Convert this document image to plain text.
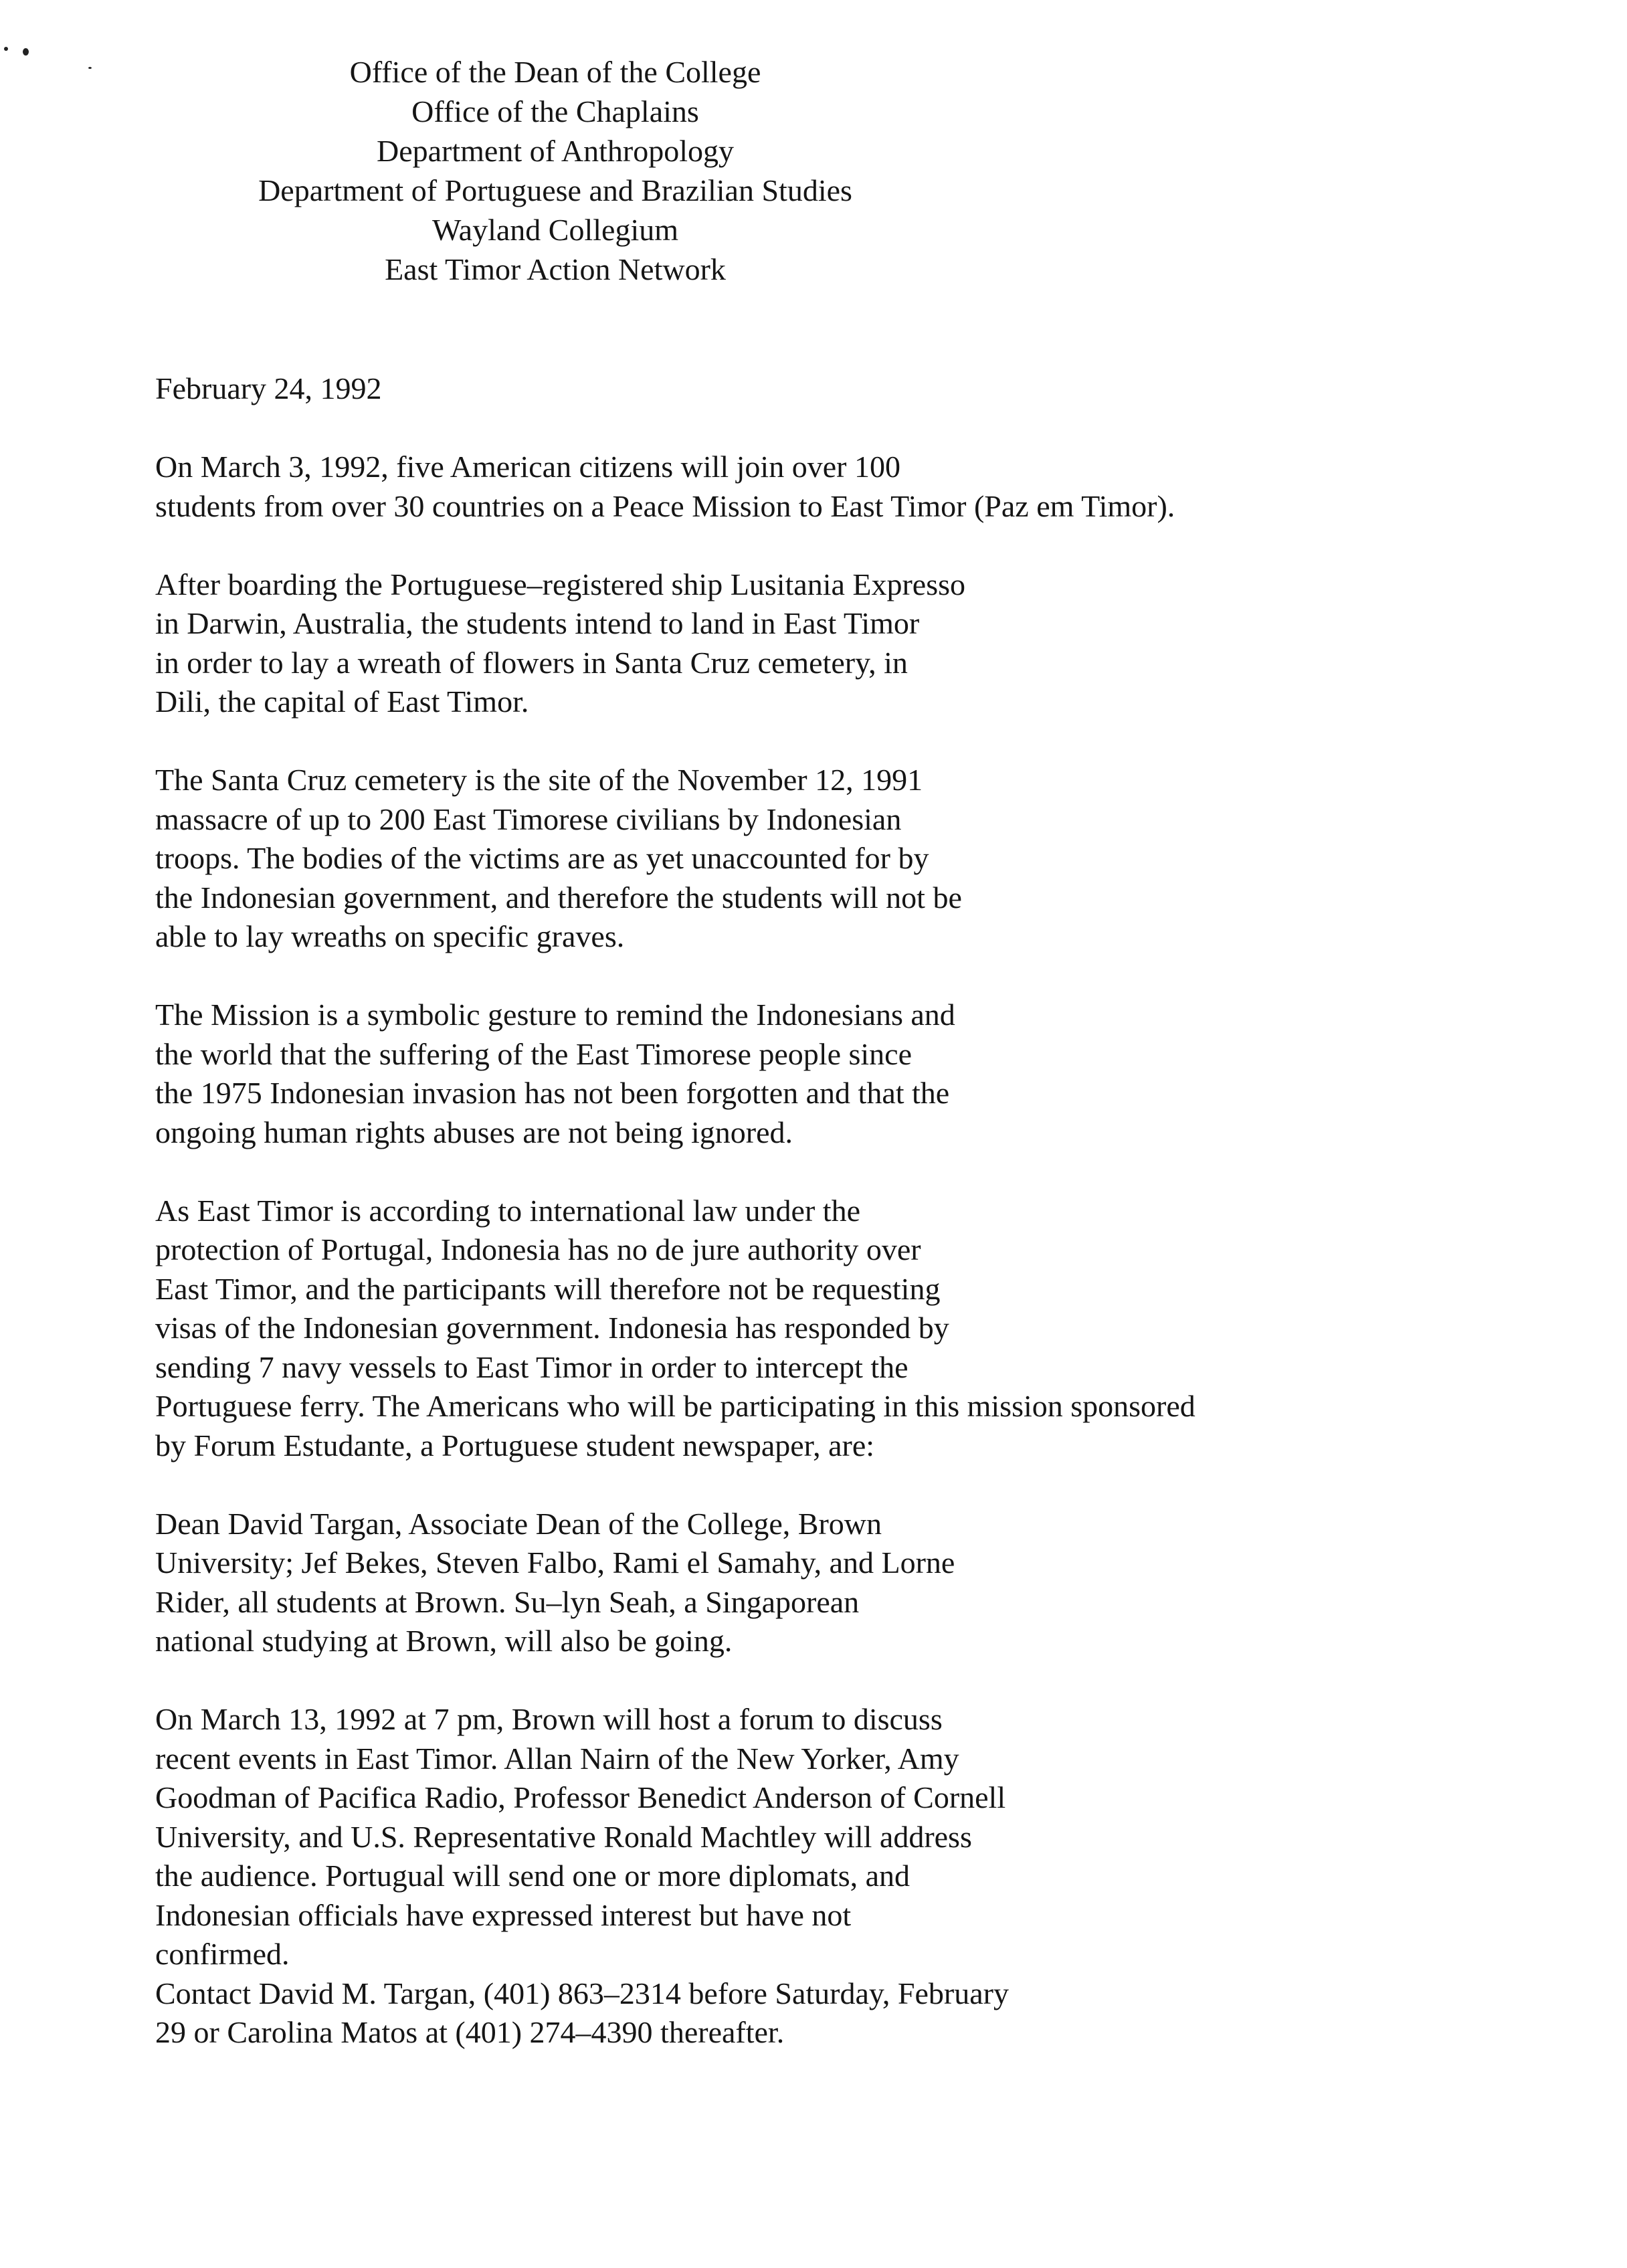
Office of the Dean of the College
Office of the Chaplains
Department of Anthropology
Department of Portuguese and Brazilian Studies
Wayland Collegium
East Timor Action Network
February 24, 1992
On March 3, 1992, five American citizens will join over 100
students from over 30 countries on a Peace Mission to East Timor (Paz em Timor).
After boarding the Portuguese–registered ship Lusitania Expresso
in Darwin, Australia, the students intend to land in East Timor
in order to lay a wreath of flowers in Santa Cruz cemetery, in
Dili, the capital of East Timor.
The Santa Cruz cemetery is the site of the November 12, 1991
massacre of up to 200 East Timorese civilians by Indonesian
troops. The bodies of the victims are as yet unaccounted for by
the Indonesian government, and therefore the students will not be
able to lay wreaths on specific graves.
The Mission is a symbolic gesture to remind the Indonesians and
the world that the suffering of the East Timorese people since
the 1975 Indonesian invasion has not been forgotten and that the
ongoing human rights abuses are not being ignored.
As East Timor is according to international law under the
protection of Portugal, Indonesia has no de jure authority over
East Timor, and the participants will therefore not be requesting
visas of the Indonesian government. Indonesia has responded by
sending 7 navy vessels to East Timor in order to intercept the
Portuguese ferry. The Americans who will be participating in this mission sponsored
by Forum Estudante, a Portuguese student newspaper, are:
Dean David Targan, Associate Dean of the College, Brown
University; Jef Bekes, Steven Falbo, Rami el Samahy, and Lorne
Rider, all students at Brown. Su–lyn Seah, a Singaporean
national studying at Brown, will also be going.
On March 13, 1992 at 7 pm, Brown will host a forum to discuss
recent events in East Timor. Allan Nairn of the New Yorker, Amy
Goodman of Pacifica Radio, Professor Benedict Anderson of Cornell
University, and U.S. Representative Ronald Machtley will address
the audience. Portugual will send one or more diplomats, and
Indonesian officials have expressed interest but have not
confirmed.
Contact David M. Targan, (401) 863–2314 before Saturday, February
29 or Carolina Matos at (401) 274–4390 thereafter.
